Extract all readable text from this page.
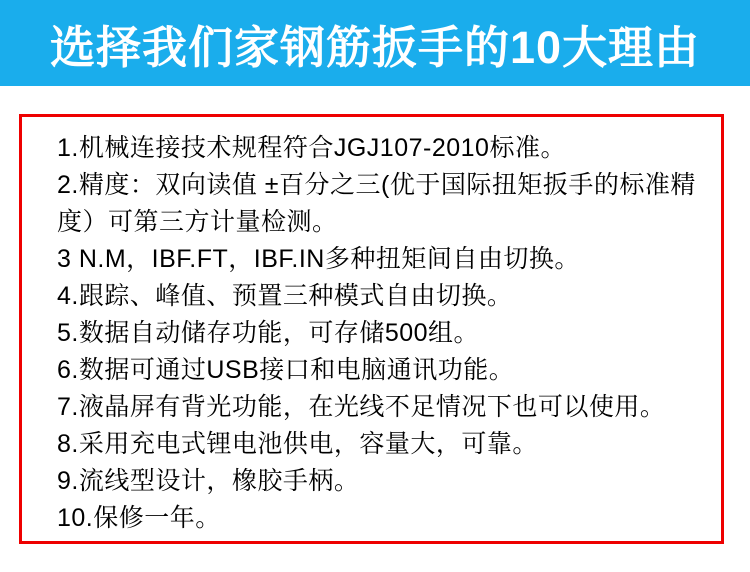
选择我们家钢筋扳手的10大理由
1.机械连接技术规程符合JGJ107-2010标准。
2.精度：双向读值 ±百分之三(优于国际扭矩扳手的标准精
度）可第三方计量检测。
3 N.M，IBF.FT，IBF.IN多种扭矩间自由切换。
4.跟踪、峰值、预置三种模式自由切换。
5.数据自动储存功能，可存储500组。
6.数据可通过USB接口和电脑通讯功能。
7.液晶屏有背光功能，在光线不足情况下也可以使用。
8.采用充电式锂电池供电，容量大，可靠。
9.流线型设计，橡胶手柄。
10.保修一年。
